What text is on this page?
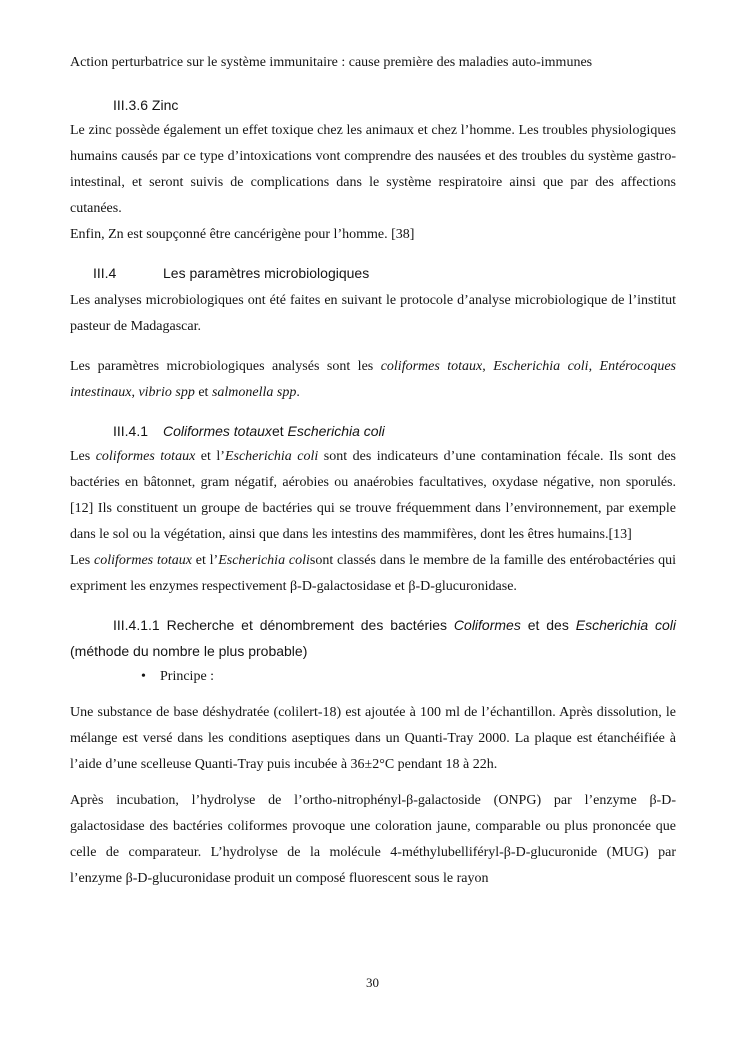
Action perturbatrice sur le système immunitaire : cause première des maladies auto-immunes

III.3.6 Zinc

Le zinc possède également un effet toxique chez les animaux et chez l’homme. Les troubles physiologiques humains causés par ce type d’intoxications vont comprendre des nausées et des troubles du système gastro-intestinal, et seront suivis de complications dans le système respiratoire ainsi que par des affections cutanées.

Enfin, Zn est soupçonné être cancérigène pour l’homme. [38]

III.4	Les paramètres microbiologiques

Les analyses microbiologiques ont été faites en suivant le protocole d’analyse microbiologique de l’institut pasteur de Madagascar.

Les paramètres microbiologiques analysés sont les coliformes totaux, Escherichia coli, Entérocoques intestinaux, vibrio spp et salmonella spp.

III.4.1 Coliformes totauxet Escherichia coli

Les coliformes totaux et l’Escherichia coli sont des indicateurs d’une contamination fécale. Ils sont des bactéries en bâtonnet, gram négatif, aérobies ou anaérobies facultatives, oxydase négative, non sporulés. [12] Ils constituent un groupe de bactéries qui se trouve fréquemment dans l’environnement, par exemple dans le sol ou la végétation, ainsi que dans les intestins des mammifères, dont les êtres humains.[13]

Les coliformes totaux et l’Escherichia colisont classés dans le membre de la famille des entérobactéries qui expriment les enzymes respectivement β-D-galactosidase et β-D-glucuronidase.

III.4.1.1 Recherche et dénombrement des bactéries Coliformes et des Escherichia coli (méthode du nombre le plus probable)
• Principe :

Une substance de base déshydratée (colilert-18) est ajoutée à 100 ml de l’échantillon. Après dissolution, le mélange est versé dans les conditions aseptiques dans un Quanti-Tray 2000. La plaque est étanchéifiée à l’aide d’une scelleuse Quanti-Tray puis incubée à 36±2°C pendant 18 à 22h.

Après incubation, l’hydrolyse de l’ortho-nitrophényl-β-galactoside (ONPG) par l’enzyme β-D-galactosidase des bactéries coliformes provoque une coloration jaune, comparable ou plus prononcée que celle de comparateur. L’hydrolyse de la molécule 4-méthylubelliféryl-β-D-glucuronide (MUG) par l’enzyme β-D-glucuronidase produit un composé fluorescent sous le rayon

30
